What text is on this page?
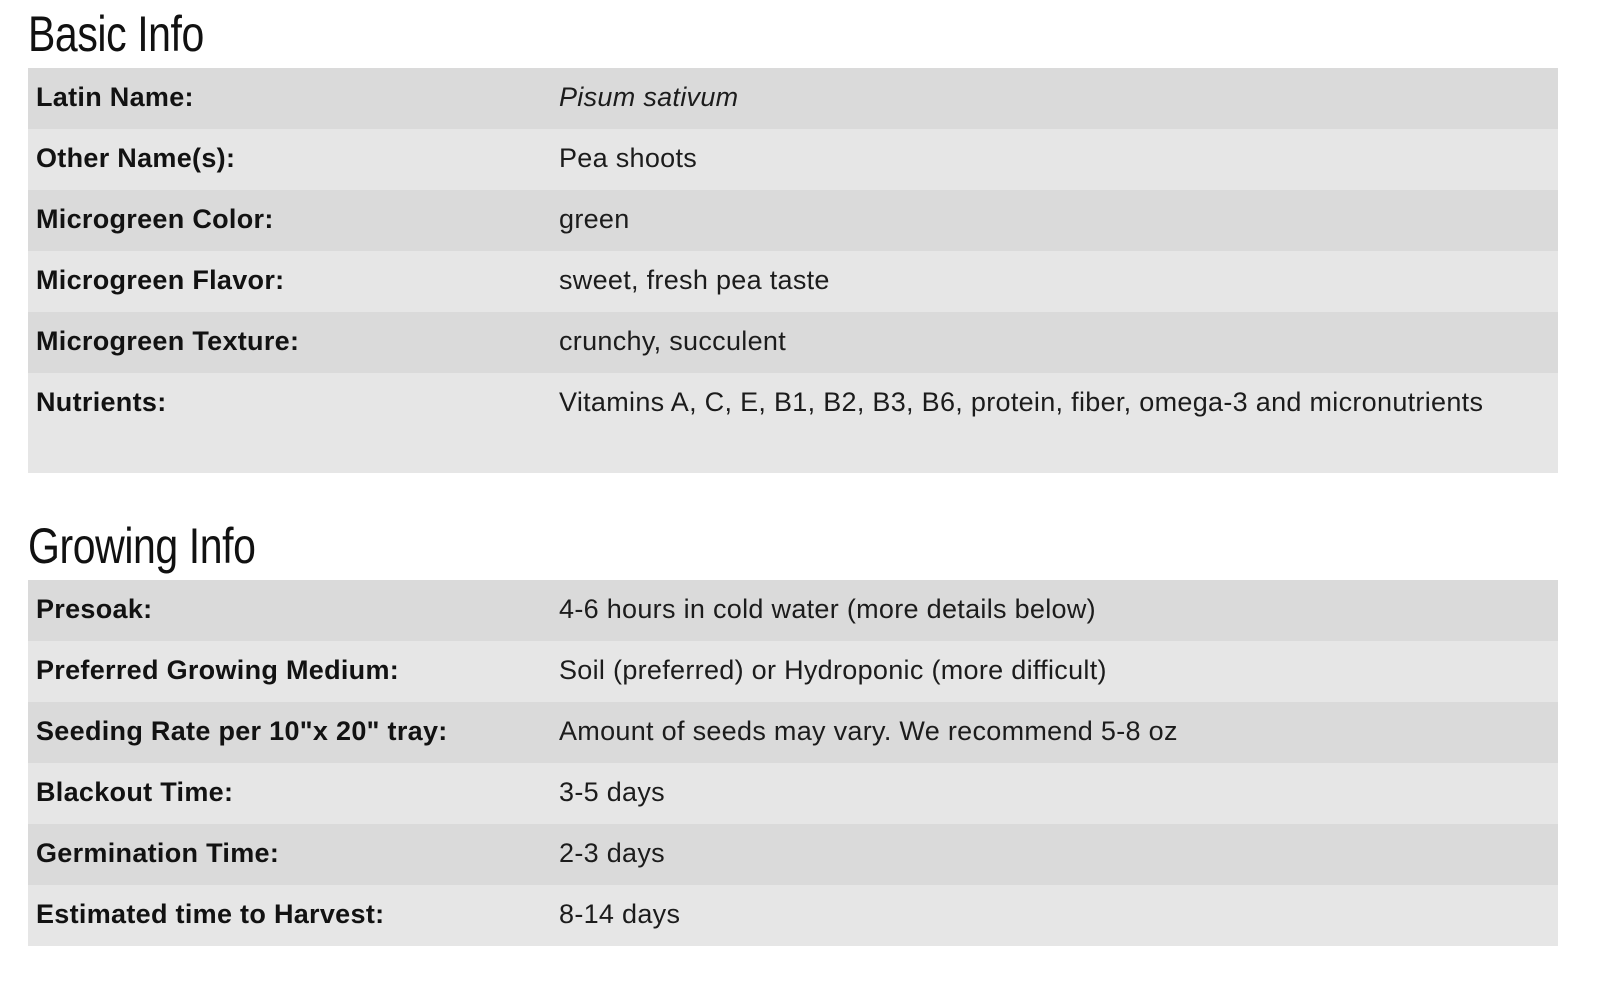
Basic Info
Latin Name:	Pisum sativum
Other Name(s):	Pea shoots
Microgreen Color:	green
Microgreen Flavor:	sweet, fresh pea taste
Microgreen Texture:	crunchy, succulent
Nutrients:	Vitamins A, C, E, B1, B2, B3, B6, protein, fiber, omega-3 and micronutrients
Growing Info
Presoak:	4-6 hours in cold water (more details below)
Preferred Growing Medium:	Soil (preferred) or Hydroponic (more difficult)
Seeding Rate per 10"x 20" tray:	Amount of seeds may vary. We recommend 5-8 oz
Blackout Time:	3-5 days
Germination Time:	2-3 days
Estimated time to Harvest:	8-14 days
